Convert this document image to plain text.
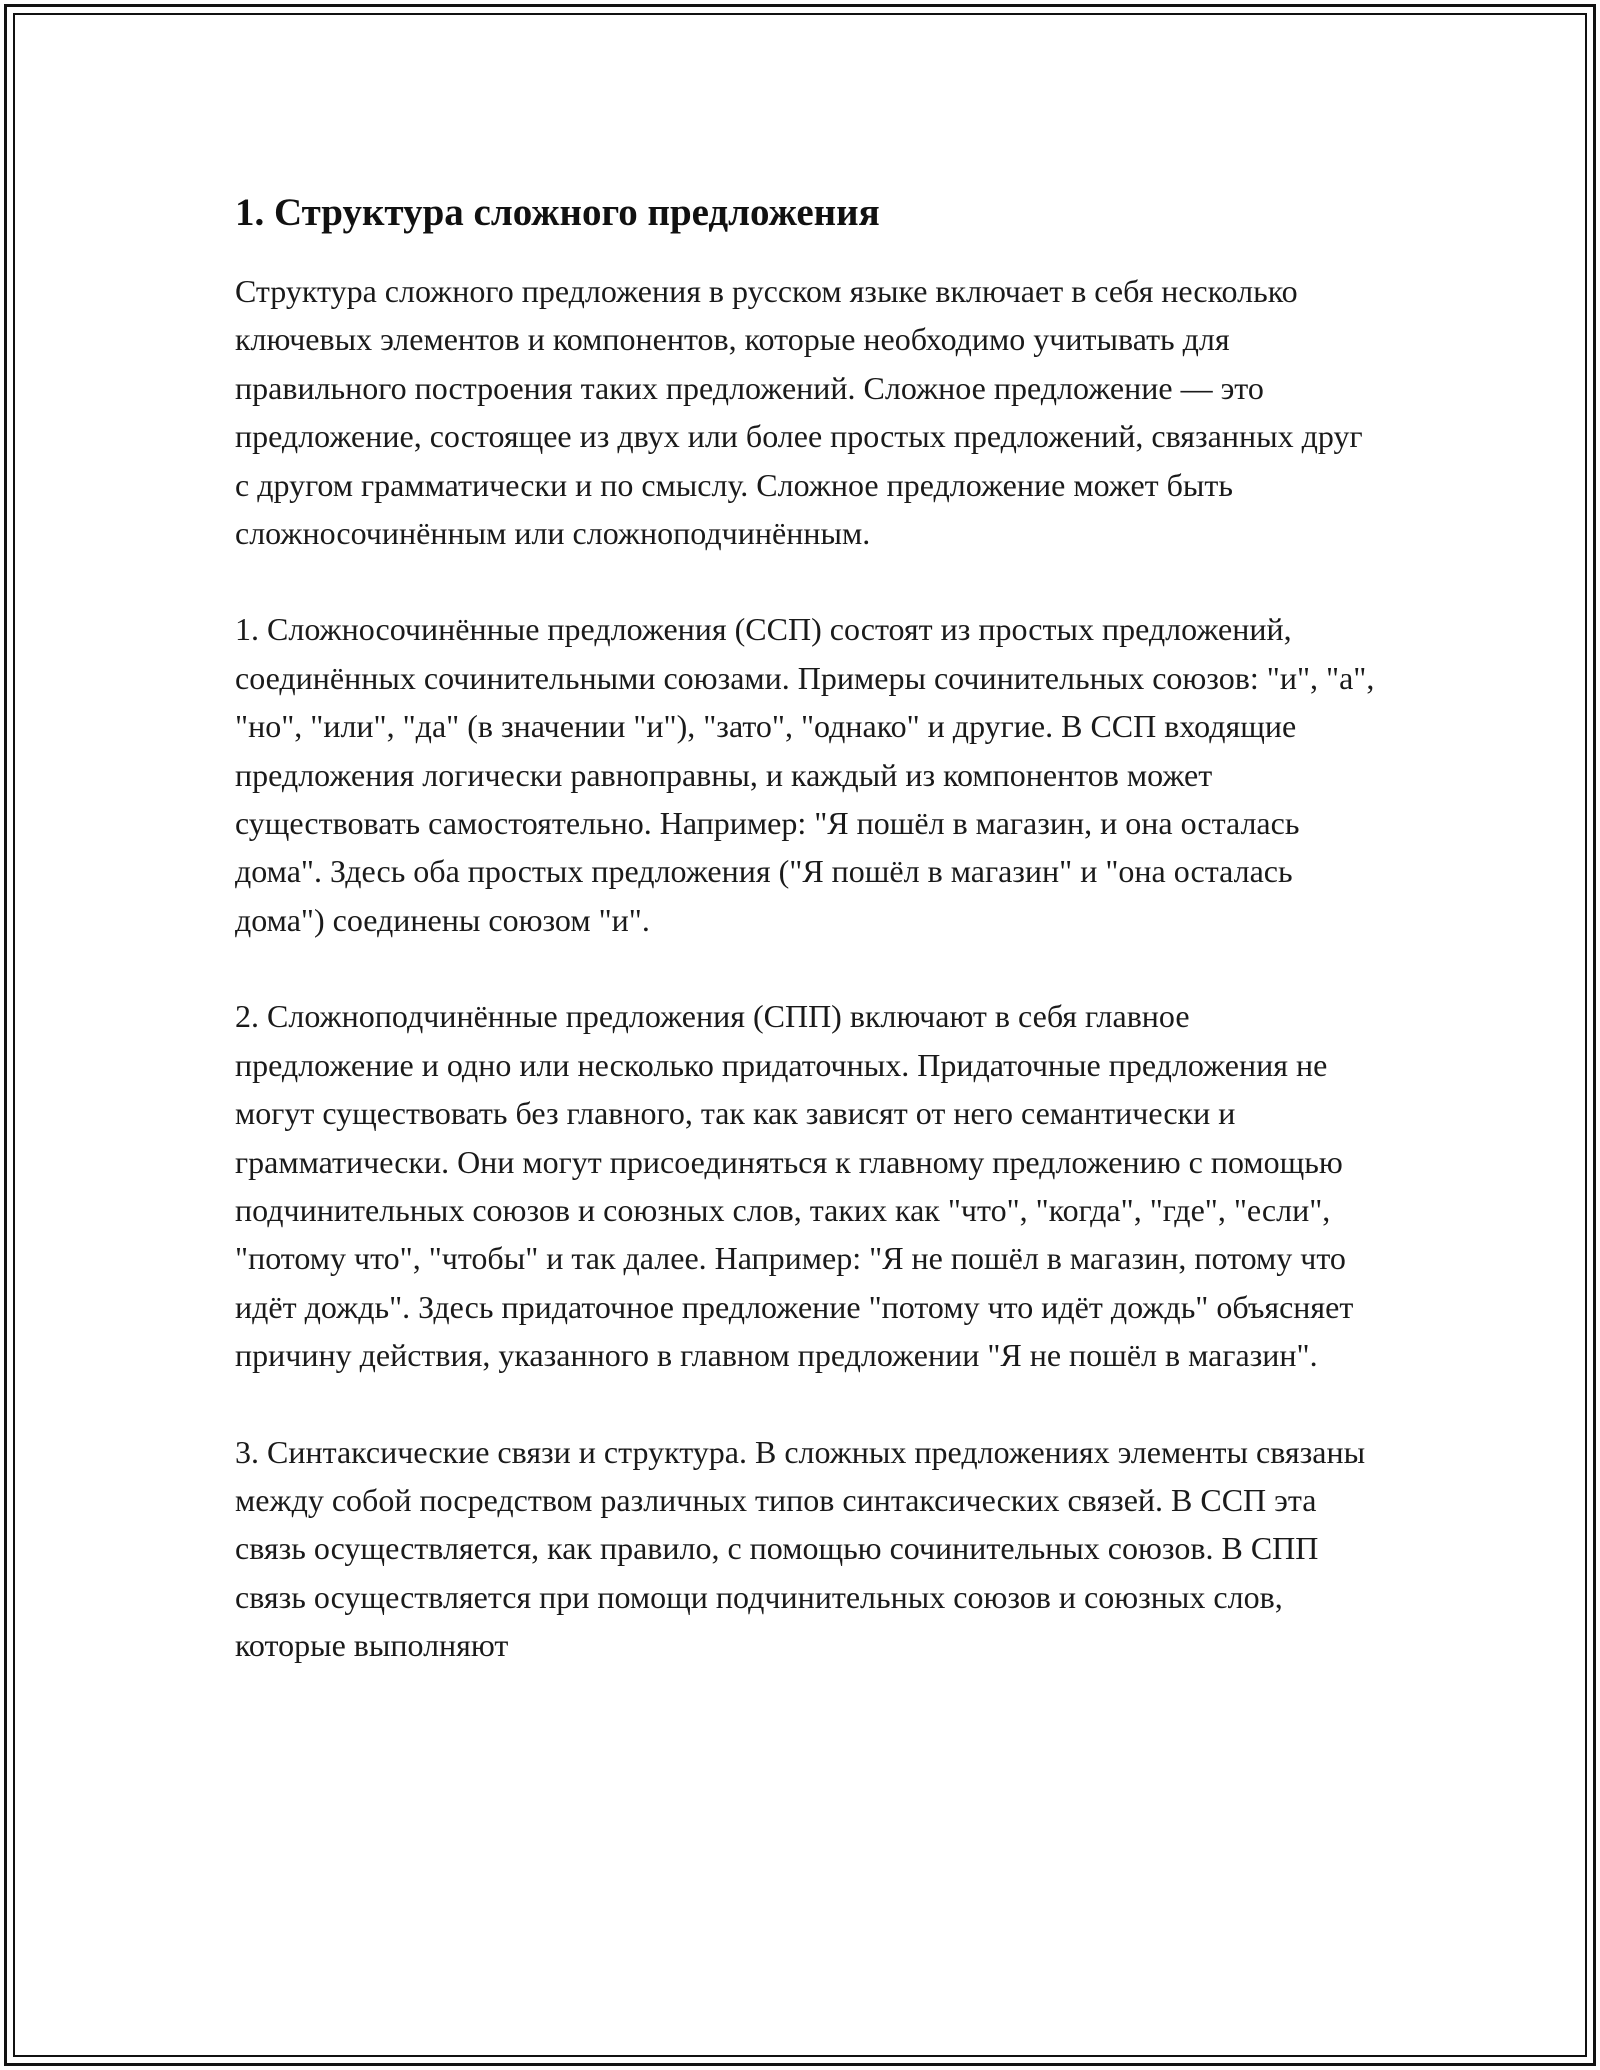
1. Структура сложного предложения

Структура сложного предложения в русском языке включает в себя несколько ключевых элементов и компонентов, которые необходимо учитывать для правильного построения таких предложений. Сложное предложение — это предложение, состоящее из двух или более простых предложений, связанных друг с другом грамматически и по смыслу. Сложное предложение может быть сложносочинённым или сложноподчинённым.

1. Сложносочинённые предложения (ССП) состоят из простых предложений, соединённых сочинительными союзами. Примеры сочинительных союзов: "и", "а", "но", "или", "да" (в значении "и"), "зато", "однако" и другие. В ССП входящие предложения логически равноправны, и каждый из компонентов может существовать самостоятельно. Например: "Я пошёл в магазин, и она осталась дома". Здесь оба простых предложения ("Я пошёл в магазин" и "она осталась дома") соединены союзом "и".

2. Сложноподчинённые предложения (СПП) включают в себя главное предложение и одно или несколько придаточных. Придаточные предложения не могут существовать без главного, так как зависят от него семантически и грамматически. Они могут присоединяться к главному предложению с помощью подчинительных союзов и союзных слов, таких как "что", "когда", "где", "если", "потому что", "чтобы" и так далее. Например: "Я не пошёл в магазин, потому что идёт дождь". Здесь придаточное предложение "потому что идёт дождь" объясняет причину действия, указанного в главном предложении "Я не пошёл в магазин".

3. Синтаксические связи и структура. В сложных предложениях элементы связаны между собой посредством различных типов синтаксических связей. В ССП эта связь осуществляется, как правило, с помощью сочинительных союзов. В СПП связь осуществляется при помощи подчинительных союзов и союзных слов, которые выполняют
